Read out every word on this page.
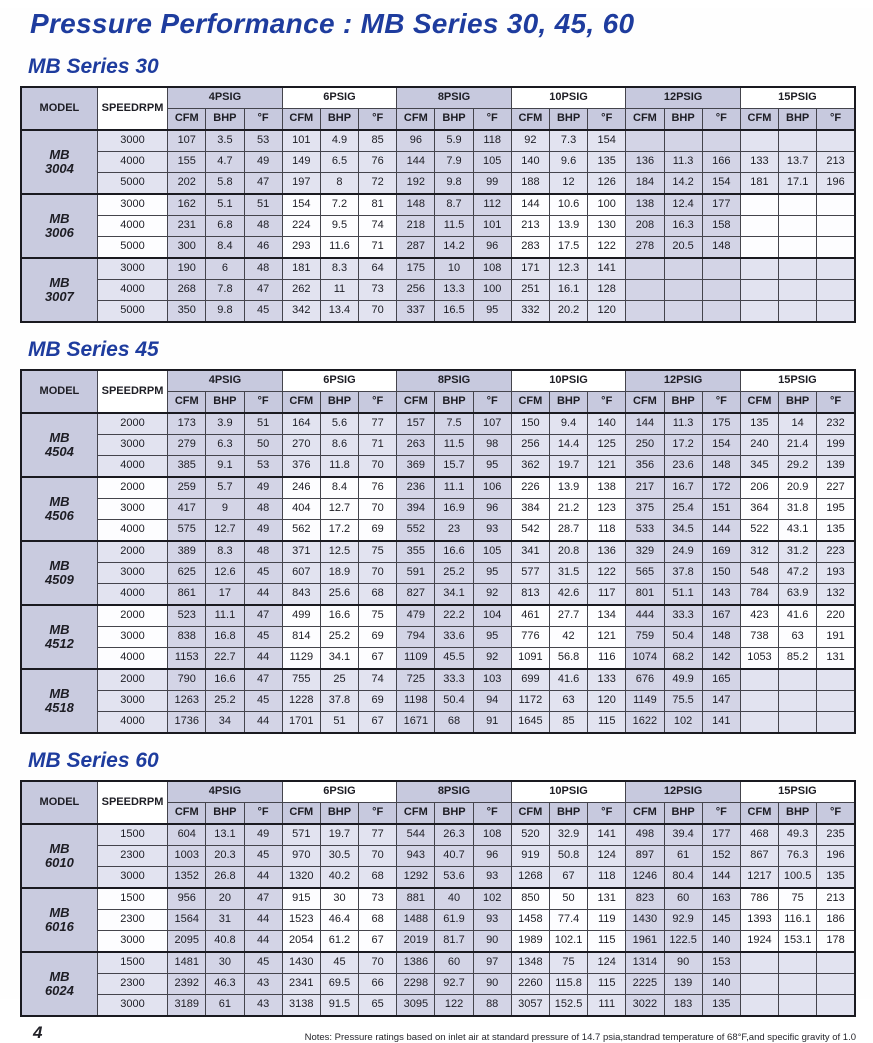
Pressure Performance : MB Series 30, 45, 60
MB Series 30
MODEL	SPEEDRPM	4PSIG			6PSIG			8PSIG			10PSIG			12PSIG			15PSIG		
		CFM	BHP	°F	CFM	BHP	°F	CFM	BHP	°F	CFM	BHP	°F	CFM	BHP	°F	CFM	BHP	°F

MB
3004	3000	107	3.5	53	101	4.9	85	96	5.9	118	92	7.3	154						
	4000	155	4.7	49	149	6.5	76	144	7.9	105	140	9.6	135	136	11.3	166	133	13.7	213
	5000	202	5.8	47	197	8	72	192	9.8	99	188	12	126	184	14.2	154	181	17.1	196

MB
3006	3000	162	5.1	51	154	7.2	81	148	8.7	112	144	10.6	100	138	12.4	177			
	4000	231	6.8	48	224	9.5	74	218	11.5	101	213	13.9	130	208	16.3	158			
	5000	300	8.4	46	293	11.6	71	287	14.2	96	283	17.5	122	278	20.5	148			

MB
3007	3000	190	6	48	181	8.3	64	175	10	108	171	12.3	141						
	4000	268	7.8	47	262	11	73	256	13.3	100	251	16.1	128						
	5000	350	9.8	45	342	13.4	70	337	16.5	95	332	20.2	120						
MB Series 45
MODEL	SPEEDRPM	4PSIG			6PSIG			8PSIG			10PSIG			12PSIG			15PSIG		
		CFM	BHP	°F	CFM	BHP	°F	CFM	BHP	°F	CFM	BHP	°F	CFM	BHP	°F	CFM	BHP	°F

MB
4504	2000	173	3.9	51	164	5.6	77	157	7.5	107	150	9.4	140	144	11.3	175	135	14	232
	3000	279	6.3	50	270	8.6	71	263	11.5	98	256	14.4	125	250	17.2	154	240	21.4	199
	4000	385	9.1	53	376	11.8	70	369	15.7	95	362	19.7	121	356	23.6	148	345	29.2	139

MB
4506	2000	259	5.7	49	246	8.4	76	236	11.1	106	226	13.9	138	217	16.7	172	206	20.9	227
	3000	417	9	48	404	12.7	70	394	16.9	96	384	21.2	123	375	25.4	151	364	31.8	195
	4000	575	12.7	49	562	17.2	69	552	23	93	542	28.7	118	533	34.5	144	522	43.1	135

MB
4509	2000	389	8.3	48	371	12.5	75	355	16.6	105	341	20.8	136	329	24.9	169	312	31.2	223
	3000	625	12.6	45	607	18.9	70	591	25.2	95	577	31.5	122	565	37.8	150	548	47.2	193
	4000	861	17	44	843	25.6	68	827	34.1	92	813	42.6	117	801	51.1	143	784	63.9	132

MB
4512	2000	523	11.1	47	499	16.6	75	479	22.2	104	461	27.7	134	444	33.3	167	423	41.6	220
	3000	838	16.8	45	814	25.2	69	794	33.6	95	776	42	121	759	50.4	148	738	63	191
	4000	1153	22.7	44	1129	34.1	67	1109	45.5	92	1091	56.8	116	1074	68.2	142	1053	85.2	131

MB
4518	2000	790	16.6	47	755	25	74	725	33.3	103	699	41.6	133	676	49.9	165			
	3000	1263	25.2	45	1228	37.8	69	1198	50.4	94	1172	63	120	1149	75.5	147			
	4000	1736	34	44	1701	51	67	1671	68	91	1645	85	115	1622	102	141			
MB Series 60
MODEL	SPEEDRPM	4PSIG			6PSIG			8PSIG			10PSIG			12PSIG			15PSIG		
		CFM	BHP	°F	CFM	BHP	°F	CFM	BHP	°F	CFM	BHP	°F	CFM	BHP	°F	CFM	BHP	°F

MB
6010	1500	604	13.1	49	571	19.7	77	544	26.3	108	520	32.9	141	498	39.4	177	468	49.3	235
	2300	1003	20.3	45	970	30.5	70	943	40.7	96	919	50.8	124	897	61	152	867	76.3	196
	3000	1352	26.8	44	1320	40.2	68	1292	53.6	93	1268	67	118	1246	80.4	144	1217	100.5	135

MB
6016	1500	956	20	47	915	30	73	881	40	102	850	50	131	823	60	163	786	75	213
	2300	1564	31	44	1523	46.4	68	1488	61.9	93	1458	77.4	119	1430	92.9	145	1393	116.1	186
	3000	2095	40.8	44	2054	61.2	67	2019	81.7	90	1989	102.1	115	1961	122.5	140	1924	153.1	178

MB
6024	1500	1481	30	45	1430	45	70	1386	60	97	1348	75	124	1314	90	153			
	2300	2392	46.3	43	2341	69.5	66	2298	92.7	90	2260	115.8	115	2225	139	140			
	3000	3189	61	43	3138	91.5	65	3095	122	88	3057	152.5	111	3022	183	135			
4	Notes: Pressure ratings based on inlet air at standard pressure of 14.7 psia,standrad temperature of 68°F,and specific gravity of 1.0
